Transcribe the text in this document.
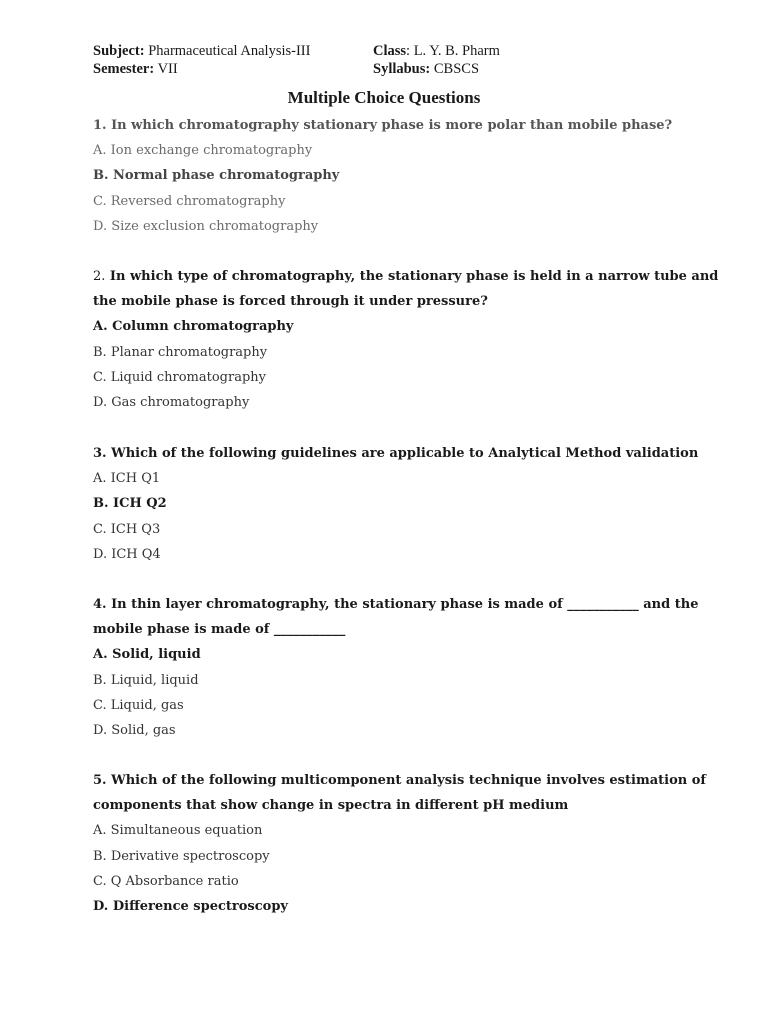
Subject: Pharmaceutical Analysis-III
Semester: VII
Class: L. Y. B. Pharm
Syllabus: CBSCS
Multiple Choice Questions
1. In which chromatography stationary phase is more polar than mobile phase?
A. Ion exchange chromatography
B. Normal phase chromatography
C. Reversed chromatography
D. Size exclusion chromatography
2. In which type of chromatography, the stationary phase is held in a narrow tube and
the mobile phase is forced through it under pressure?
A. Column chromatography
B. Planar chromatography
C. Liquid chromatography
D. Gas chromatography
3. Which of the following guidelines are applicable to Analytical Method validation
A. ICH Q1
B. ICH Q2
C. ICH Q3
D. ICH Q4
4. In thin layer chromatography, the stationary phase is made of ___________ and the
mobile phase is made of ___________
A. Solid, liquid
B. Liquid, liquid
C. Liquid, gas
D. Solid, gas
5. Which of the following multicomponent analysis technique involves estimation of
components that show change in spectra in different pH medium
A. Simultaneous equation
B. Derivative spectroscopy
C. Q Absorbance ratio
D. Difference spectroscopy
